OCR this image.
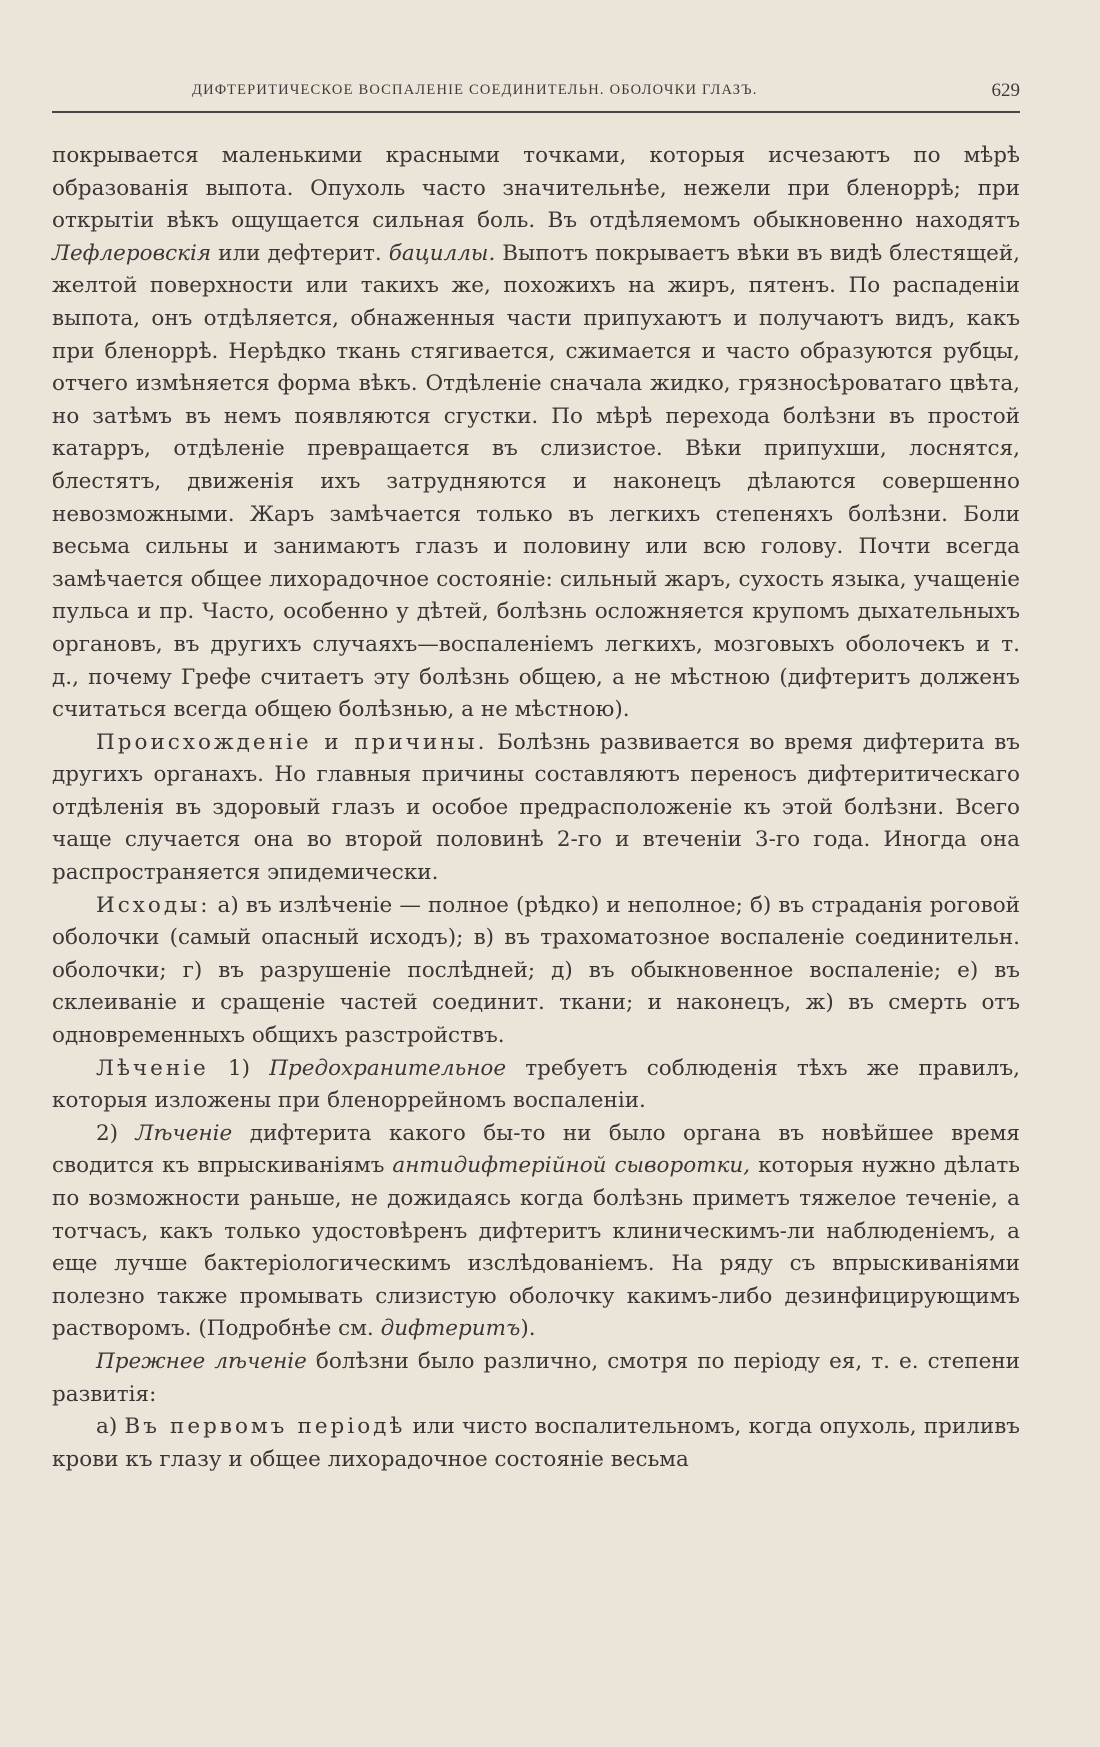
ДИФТЕРИТИЧЕСКОЕ ВОСПАЛЕНІЕ СОЕДИНИТЕЛЬН. ОБОЛОЧКИ ГЛАЗЪ.	629

покрывается маленькими красными точками, которыя исчезаютъ по мѣрѣ образованія выпота. Опухоль часто значительнѣе, нежели при бленоррѣ; при открытіи вѣкъ ощущается сильная боль. Въ отдѣляемомъ обыкновенно находятъ Лефлеровскія или дефтерит. бациллы. Выпотъ покрываетъ вѣки въ видѣ блестящей, желтой поверхности или такихъ же, похожихъ на жиръ, пятенъ. По распаденіи выпота, онъ отдѣляется, обнаженныя части припухаютъ и получаютъ видъ, какъ при бленоррѣ. Нерѣдко ткань стягивается, сжимается и часто образуются рубцы, отчего измѣняется форма вѣкъ. Отдѣленіе сначала жидко, грязносѣроватаго цвѣта, но затѣмъ въ немъ появляются сгустки. По мѣрѣ перехода болѣзни въ простой катарръ, отдѣленіе превращается въ слизистое. Вѣки припухши, лоснятся, блестятъ, движенія ихъ затрудняются и наконецъ дѣлаются совершенно невозможными. Жаръ замѣчается только въ легкихъ степеняхъ болѣзни. Боли весьма сильны и занимаютъ глазъ и половину или всю голову. Почти всегда замѣчается общее лихорадочное состояніе: сильный жаръ, сухость языка, учащеніе пульса и пр. Часто, особенно у дѣтей, болѣзнь осложняется крупомъ дыхательныхъ органовъ, въ другихъ случаяхъ—воспаленіемъ легкихъ, мозговыхъ оболочекъ и т. д., почему Грефе считаетъ эту болѣзнь общею, а не мѣстною (дифтеритъ долженъ считаться всегда общею болѣзнью, а не мѣстною).

Происхожденіе и причины. Болѣзнь развивается во время дифтерита въ другихъ органахъ. Но главныя причины составляютъ переносъ дифтеритическаго отдѣленія въ здоровый глазъ и особое предрасположеніе къ этой болѣзни. Всего чаще случается она во второй половинѣ 2-го и втеченіи 3-го года. Иногда она распространяется эпидемически.

Исходы: а) въ излѣченіе — полное (рѣдко) и неполное; б) въ страданія роговой оболочки (самый опасный исходъ); в) въ трахоматозное воспаленіе соединительн. оболочки; г) въ разрушеніе послѣдней; д) въ обыкновенное воспаленіе; е) въ склеиваніе и сращеніе частей соединит. ткани; и наконецъ, ж) въ смерть отъ одновременныхъ общихъ разстройствъ.

Лѣченіе 1) Предохранительное требуетъ соблюденія тѣхъ же правилъ, которыя изложены при бленоррейномъ воспаленіи.

2) Лѣченіе дифтерита какого бы-то ни было органа въ новѣйшее время сводится къ впрыскиваніямъ антидифтерійной сыворотки, которыя нужно дѣлать по возможности раньше, не дожидаясь когда болѣзнь приметъ тяжелое теченіе, а тотчасъ, какъ только удостовѣренъ дифтеритъ клиническимъ-ли наблюденіемъ, а еще лучше бактеріологическимъ изслѣдованіемъ. На ряду съ впрыскиваніями полезно также промывать слизистую оболочку какимъ-либо дезинфицирующимъ растворомъ. (Подробнѣе см. дифтеритъ).

Прежнее лѣченіе болѣзни было различно, смотря по періоду ея, т. е. степени развитія:

а) Въ первомъ періодѣ или чисто воспалительномъ, когда опухоль, приливъ крови къ глазу и общее лихорадочное состояніе весьма
